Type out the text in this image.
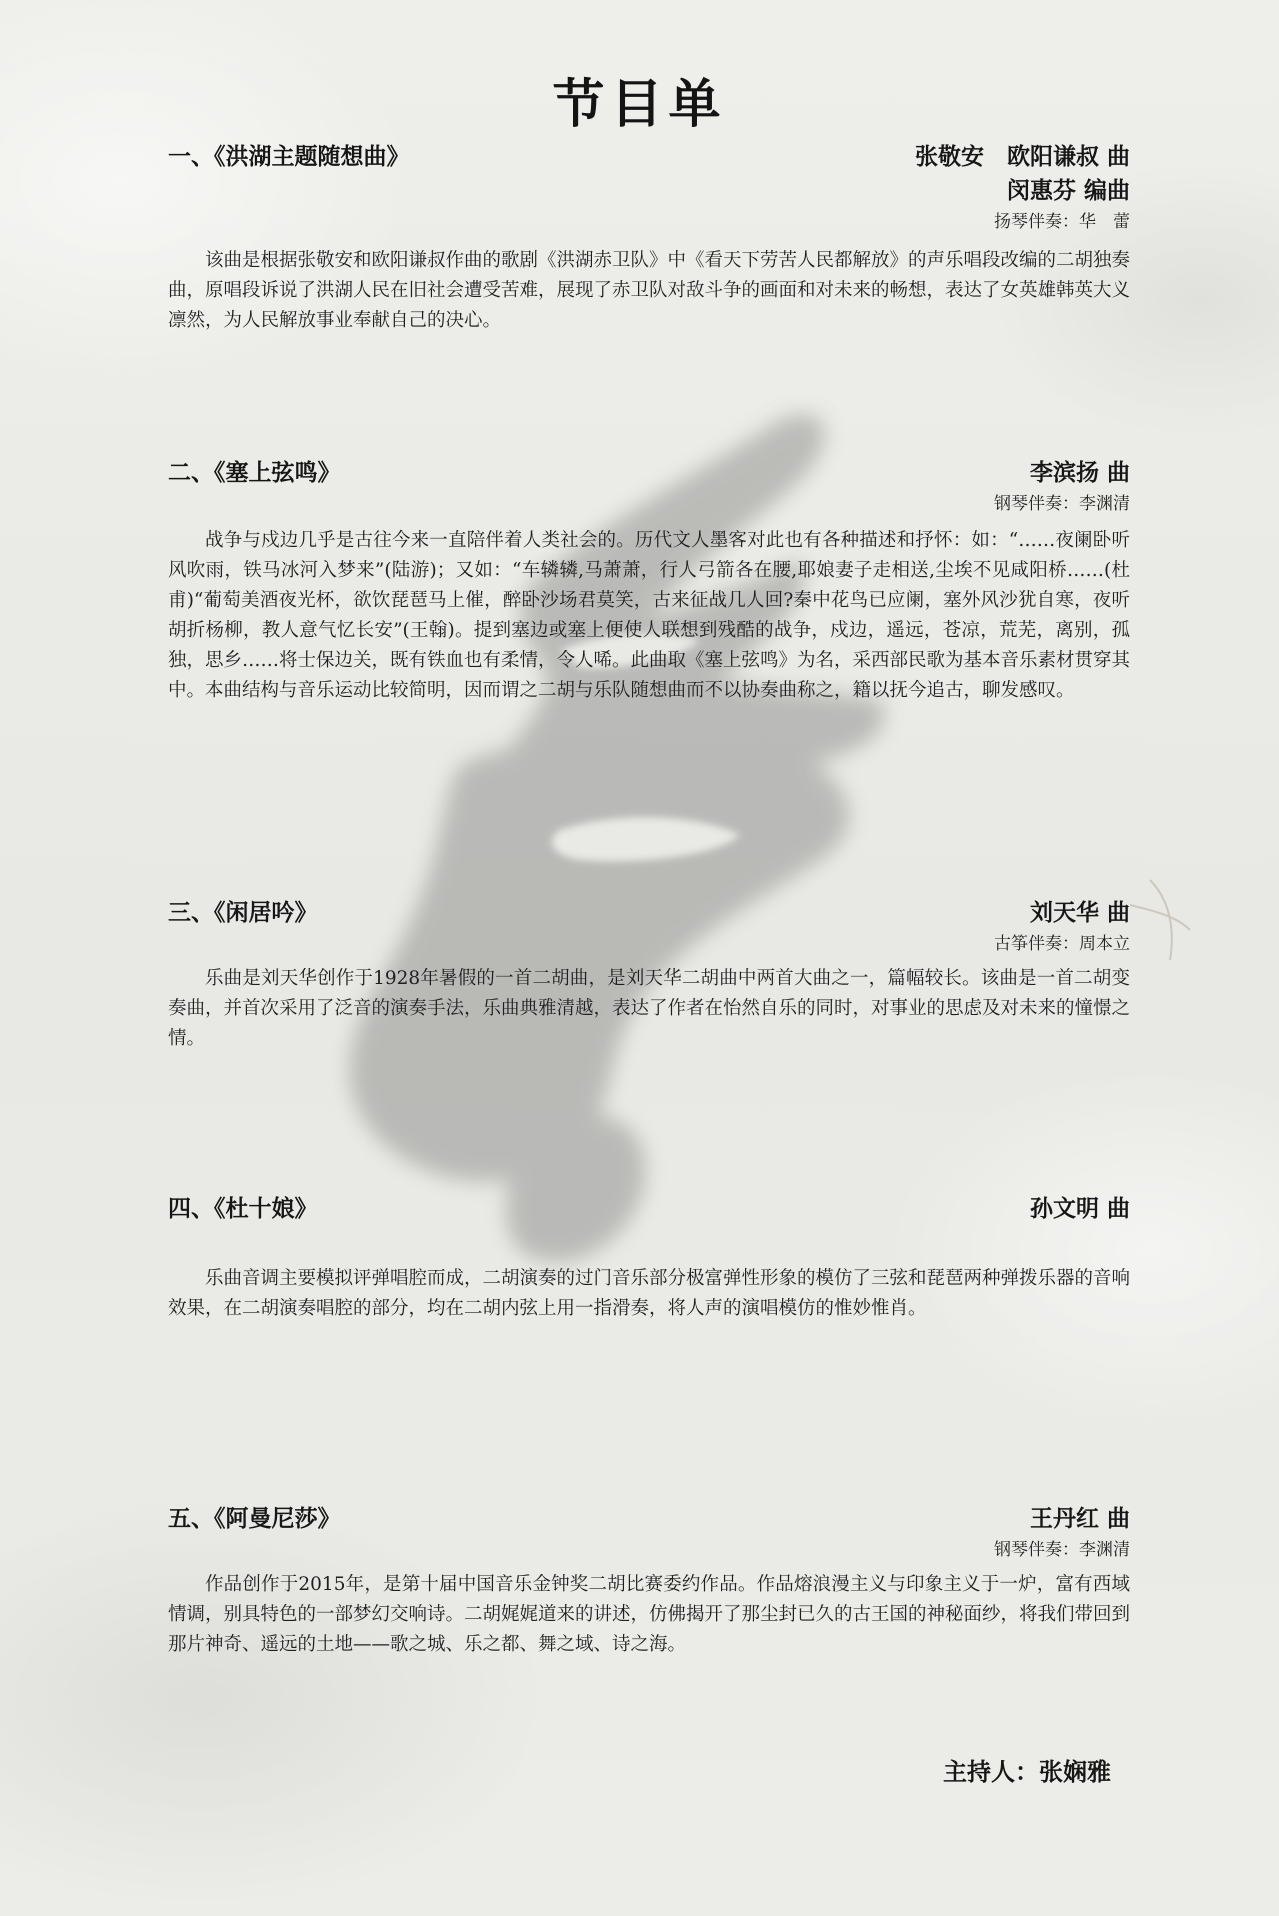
节目单
一、《洪湖主题随想曲》	张敬安　欧阳谦叔 曲
闵惠芬 编曲
扬琴伴奏：华　蕾
该曲是根据张敬安和欧阳谦叔作曲的歌剧《洪湖赤卫队》中《看天下劳苦人民都解放》的声乐唱段改编的二胡独奏曲，原唱段诉说了洪湖人民在旧社会遭受苦难，展现了赤卫队对敌斗争的画面和对未来的畅想，表达了女英雄韩英大义凛然，为人民解放事业奉献自己的决心。
二、《塞上弦鸣》	李滨扬 曲
钢琴伴奏：李渊清
战争与戍边几乎是古往今来一直陪伴着人类社会的。历代文人墨客对此也有各种描述和抒怀：如：“……夜阑卧听风吹雨，铁马冰河入梦来”(陆游)；又如：“车辚辚,马萧萧，行人弓箭各在腰,耶娘妻子走相送,尘埃不见咸阳桥……(杜甫)“葡萄美酒夜光杯，欲饮琵琶马上催，醉卧沙场君莫笑，古来征战几人回?秦中花鸟已应阑，塞外风沙犹自寒，夜听胡折杨柳，教人意气忆长安”(王翰)。提到塞边或塞上便使人联想到残酷的战争，戍边，遥远，苍凉，荒芜，离别，孤独，思乡……将士保边关，既有铁血也有柔情，令人唏。此曲取《塞上弦鸣》为名，采西部民歌为基本音乐素材贯穿其中。本曲结构与音乐运动比较简明，因而谓之二胡与乐队随想曲而不以协奏曲称之，籍以抚今追古，聊发感叹。
三、《闲居吟》	刘天华 曲
古筝伴奏：周本立
乐曲是刘天华创作于1928年暑假的一首二胡曲，是刘天华二胡曲中两首大曲之一，篇幅较长。该曲是一首二胡变奏曲，并首次采用了泛音的演奏手法，乐曲典雅清越，表达了作者在怡然自乐的同时，对事业的思虑及对未来的憧憬之情。
四、《杜十娘》	孙文明 曲
乐曲音调主要模拟评弹唱腔而成，二胡演奏的过门音乐部分极富弹性形象的模仿了三弦和琵琶两种弹拨乐器的音响效果，在二胡演奏唱腔的部分，均在二胡内弦上用一指滑奏，将人声的演唱模仿的惟妙惟肖。
五、《阿曼尼莎》	王丹红 曲
钢琴伴奏：李渊清
作品创作于2015年，是第十届中国音乐金钟奖二胡比赛委约作品。作品熔浪漫主义与印象主义于一炉，富有西域情调，别具特色的一部梦幻交响诗。二胡娓娓道来的讲述，仿佛揭开了那尘封已久的古王国的神秘面纱，将我们带回到那片神奇、遥远的土地——歌之城、乐之都、舞之域、诗之海。
主持人：张娴雅
